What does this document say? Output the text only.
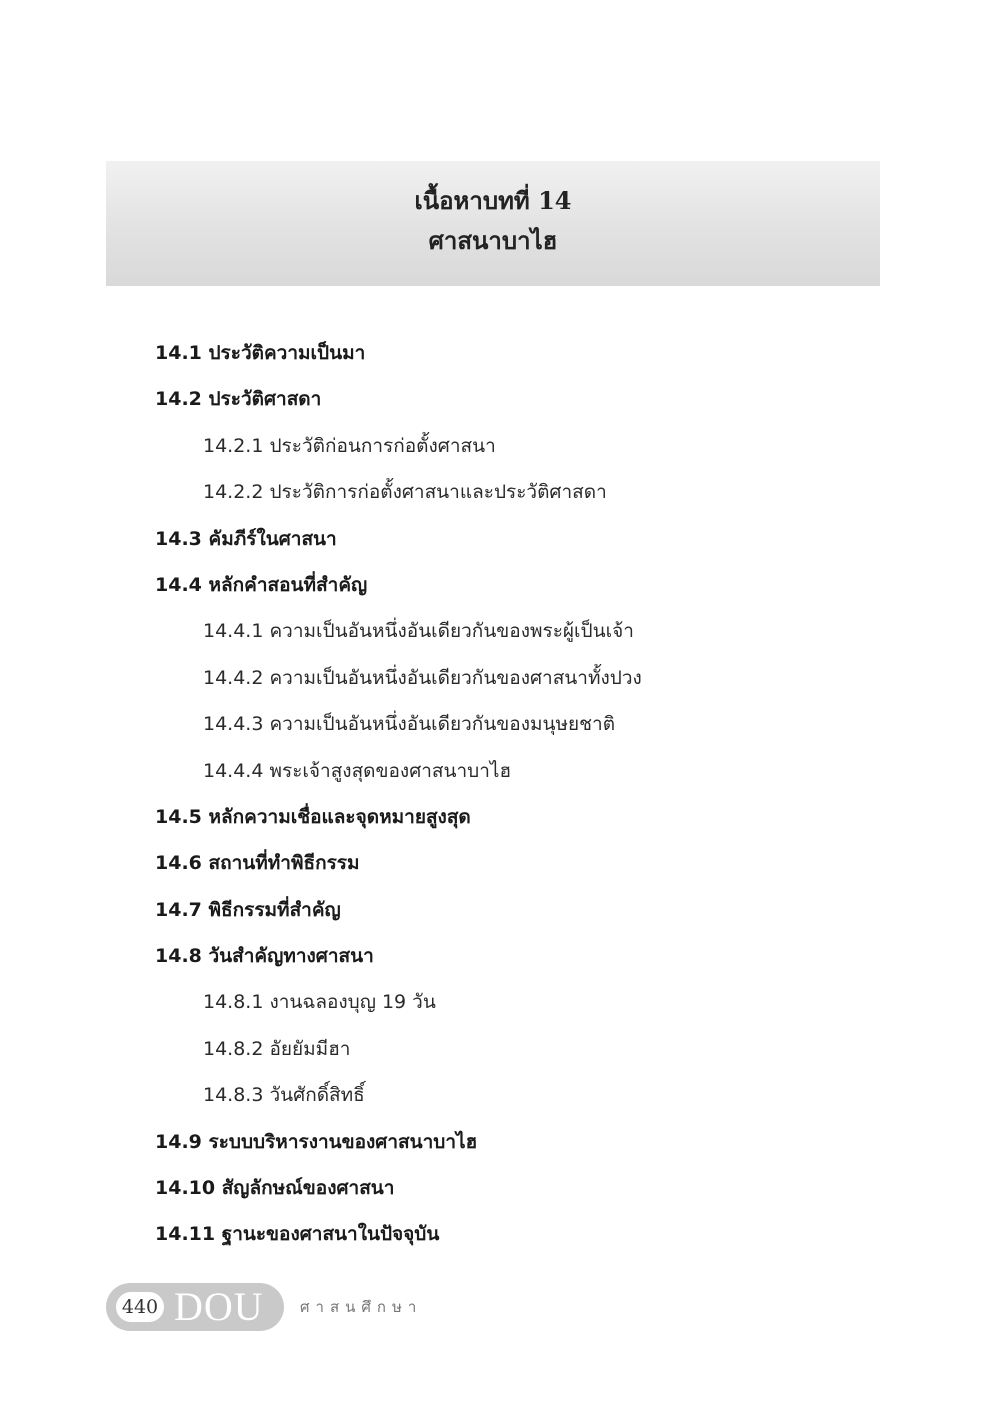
เนื้อหาบทที่ 14
ศาสนาบาไฮ
14.1 ประวัติความเป็นมา
14.2 ประวัติศาสดา
14.2.1 ประวัติก่อนการก่อตั้งศาสนา
14.2.2 ประวัติการก่อตั้งศาสนาและประวัติศาสดา
14.3 คัมภีร์ในศาสนา
14.4 หลักคำสอนที่สำคัญ
14.4.1 ความเป็นอันหนึ่งอันเดียวกันของพระผู้เป็นเจ้า
14.4.2 ความเป็นอันหนึ่งอันเดียวกันของศาสนาทั้งปวง
14.4.3 ความเป็นอันหนึ่งอันเดียวกันของมนุษยชาติ
14.4.4 พระเจ้าสูงสุดของศาสนาบาไฮ
14.5 หลักความเชื่อและจุดหมายสูงสุด
14.6 สถานที่ทำพิธีกรรม
14.7 พิธีกรรมที่สำคัญ
14.8 วันสำคัญทางศาสนา
14.8.1 งานฉลองบุญ 19 วัน
14.8.2 อัยยัมมีฮา
14.8.3 วันศักดิ์สิทธิ์
14.9 ระบบบริหารงานของศาสนาบาไฮ
14.10 สัญลักษณ์ของศาสนา
14.11 ฐานะของศาสนาในปัจจุบัน
440 DOU ศาสนศึกษา
